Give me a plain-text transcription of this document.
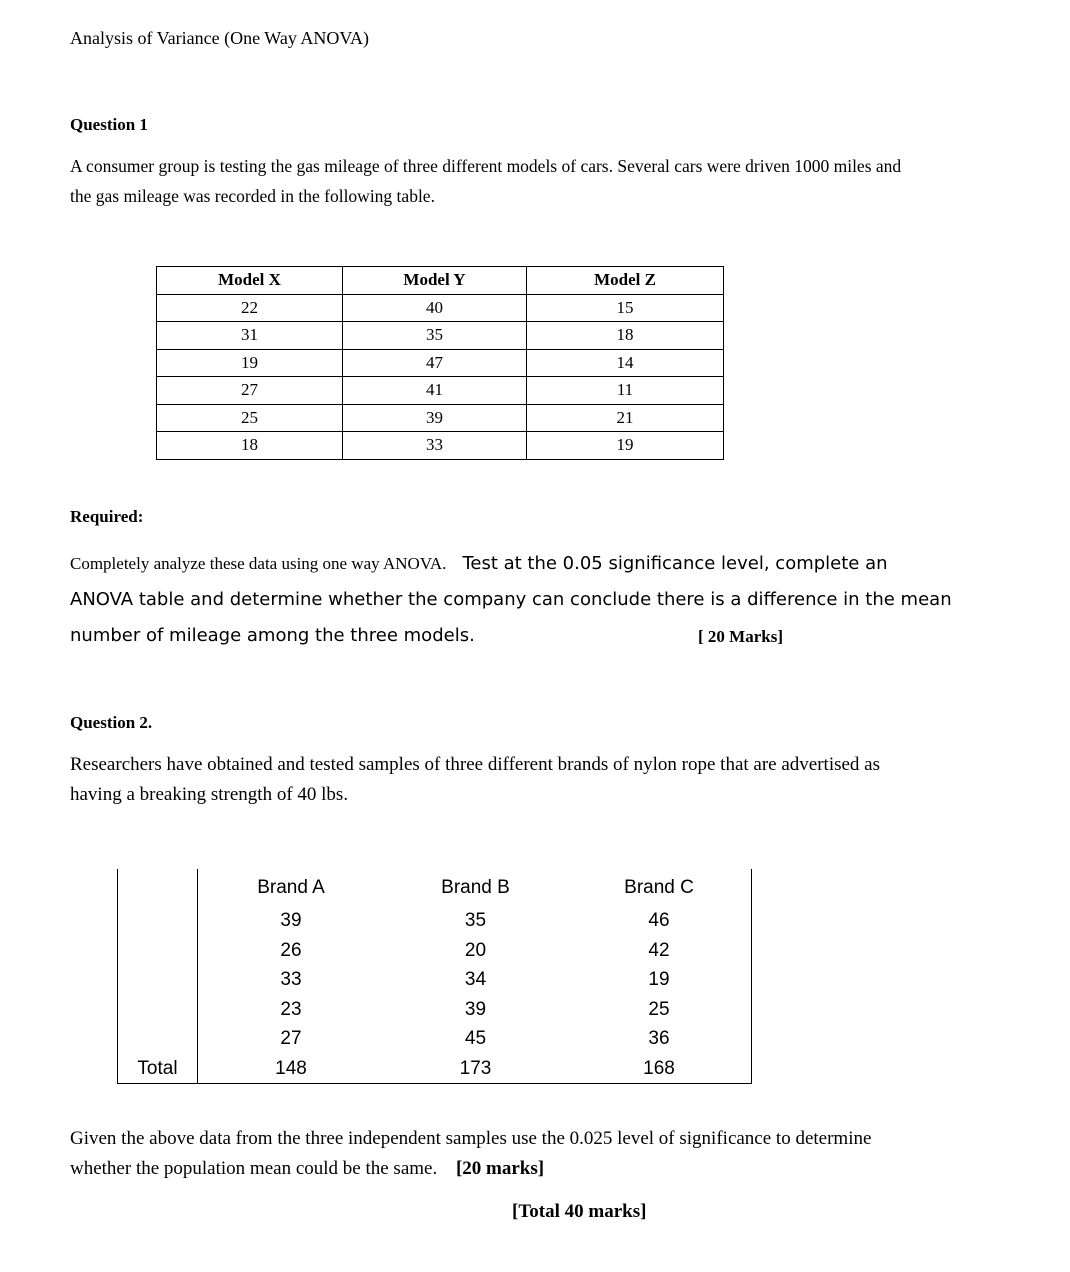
Analysis of Variance (One Way ANOVA)
Question 1
A consumer group is testing the gas mileage of three different models of cars. Several cars were driven 1000 miles and
the gas mileage was recorded in the following table.
Model X	Model Y	Model Z
22	40	15
31	35	18
19	47	14
27	41	11
25	39	21
18	33	19
Required:
Completely analyze these data using one way ANOVA. Test at the 0.05 significance level, complete an
ANOVA table and determine whether the company can conclude there is a difference in the mean
number of mileage among the three models.	[ 20 Marks]
Question 2.
Researchers have obtained and tested samples of three different brands of nylon rope that are advertised as
having a breaking strength of 40 lbs.
	Brand A	Brand B	Brand C
	39	35	46
	26	20	42
	33	34	19
	23	39	25
	27	45	36
Total	148	173	168
Given the above data from the three independent samples use the 0.025 level of significance to determine
whether the population mean could be the same. [20 marks]
[Total 40 marks]
